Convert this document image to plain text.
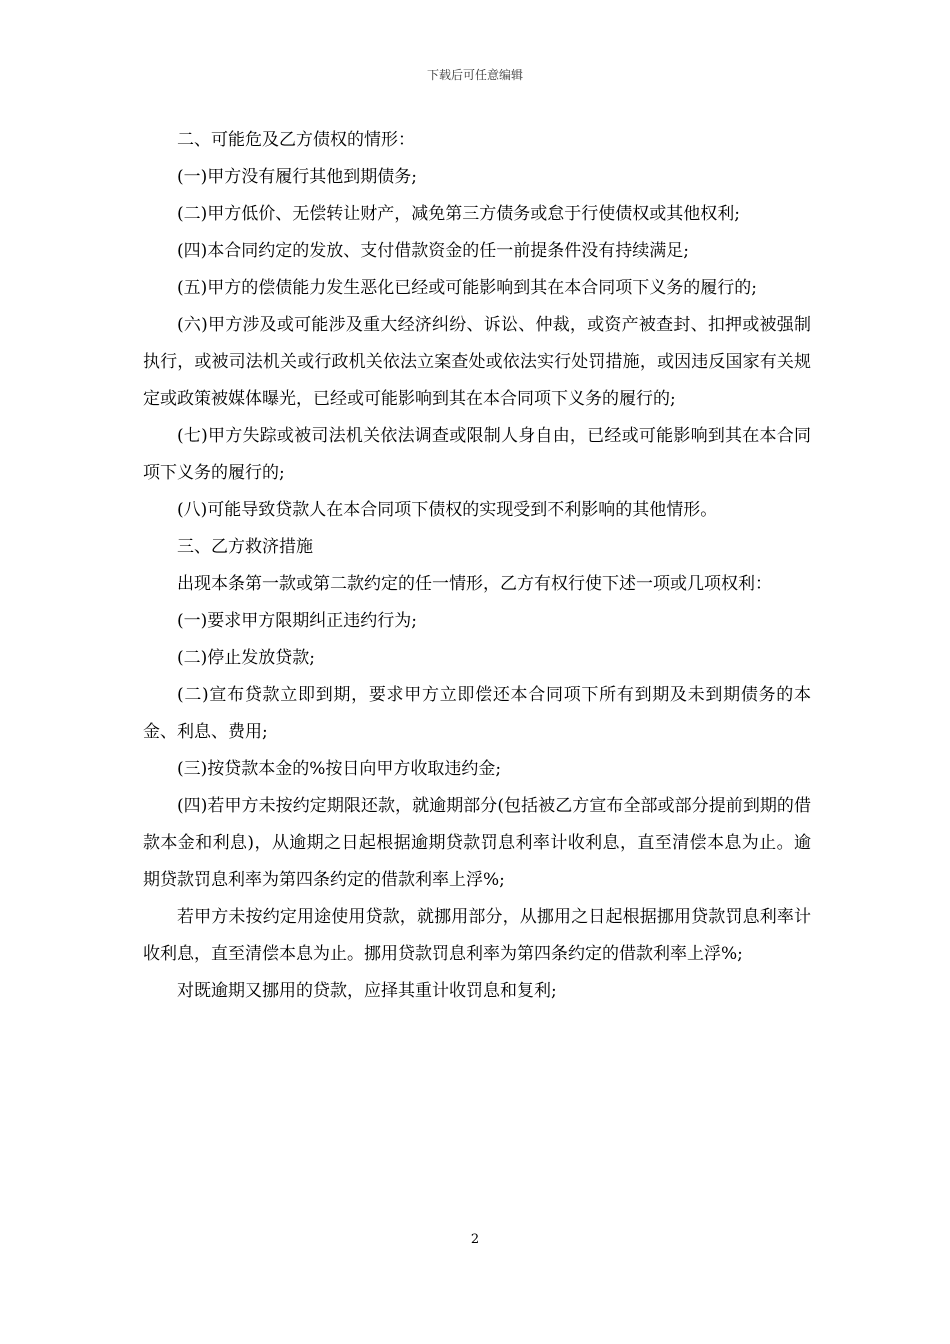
下载后可任意编辑

二、可能危及乙方债权的情形：

(一)甲方没有履行其他到期债务;

(二)甲方低价、无偿转让财产，减免第三方债务或怠于行使债权或其他权利;

(四)本合同约定的发放、支付借款资金的任一前提条件没有持续满足;

(五)甲方的偿债能力发生恶化已经或可能影响到其在本合同项下义务的履行的;

(六)甲方涉及或可能涉及重大经济纠纷、诉讼、仲裁，或资产被查封、扣押或被强制执行，或被司法机关或行政机关依法立案查处或依法实行处罚措施，或因违反国家有关规定或政策被媒体曝光，已经或可能影响到其在本合同项下义务的履行的;

(七)甲方失踪或被司法机关依法调查或限制人身自由，已经或可能影响到其在本合同项下义务的履行的;

(八)可能导致贷款人在本合同项下债权的实现受到不利影响的其他情形。

三、乙方救济措施

出现本条第一款或第二款约定的任一情形，乙方有权行使下述一项或几项权利：

(一)要求甲方限期纠正违约行为;

(二)停止发放贷款;

(二)宣布贷款立即到期，要求甲方立即偿还本合同项下所有到期及未到期债务的本金、利息、费用;

(三)按贷款本金的%按日向甲方收取违约金;

(四)若甲方未按约定期限还款，就逾期部分(包括被乙方宣布全部或部分提前到期的借款本金和利息)，从逾期之日起根据逾期贷款罚息利率计收利息，直至清偿本息为止。逾期贷款罚息利率为第四条约定的借款利率上浮%;

若甲方未按约定用途使用贷款，就挪用部分，从挪用之日起根据挪用贷款罚息利率计收利息，直至清偿本息为止。挪用贷款罚息利率为第四条约定的借款利率上浮%;

对既逾期又挪用的贷款，应择其重计收罚息和复利;

2
